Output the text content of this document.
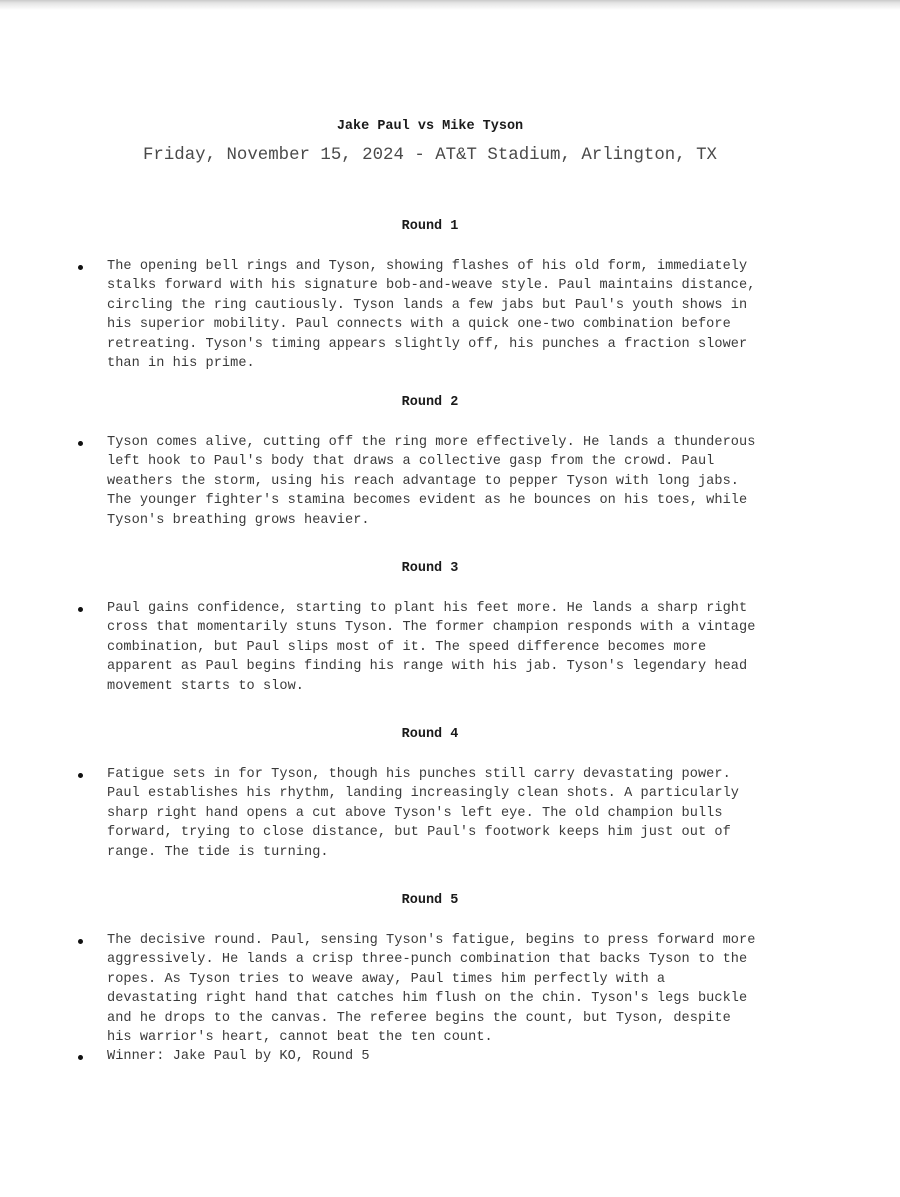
Jake Paul vs Mike Tyson
Friday, November 15, 2024 - AT&T Stadium, Arlington, TX
Round 1
The opening bell rings and Tyson, showing flashes of his old form, immediately
stalks forward with his signature bob-and-weave style. Paul maintains distance,
circling the ring cautiously. Tyson lands a few jabs but Paul's youth shows in
his superior mobility. Paul connects with a quick one-two combination before
retreating. Tyson's timing appears slightly off, his punches a fraction slower
than in his prime.
Round 2
Tyson comes alive, cutting off the ring more effectively. He lands a thunderous
left hook to Paul's body that draws a collective gasp from the crowd. Paul
weathers the storm, using his reach advantage to pepper Tyson with long jabs.
The younger fighter's stamina becomes evident as he bounces on his toes, while
Tyson's breathing grows heavier.
Round 3
Paul gains confidence, starting to plant his feet more. He lands a sharp right
cross that momentarily stuns Tyson. The former champion responds with a vintage
combination, but Paul slips most of it. The speed difference becomes more
apparent as Paul begins finding his range with his jab. Tyson's legendary head
movement starts to slow.
Round 4
Fatigue sets in for Tyson, though his punches still carry devastating power.
Paul establishes his rhythm, landing increasingly clean shots. A particularly
sharp right hand opens a cut above Tyson's left eye. The old champion bulls
forward, trying to close distance, but Paul's footwork keeps him just out of
range. The tide is turning.
Round 5
The decisive round. Paul, sensing Tyson's fatigue, begins to press forward more
aggressively. He lands a crisp three-punch combination that backs Tyson to the
ropes. As Tyson tries to weave away, Paul times him perfectly with a
devastating right hand that catches him flush on the chin. Tyson's legs buckle
and he drops to the canvas. The referee begins the count, but Tyson, despite
his warrior's heart, cannot beat the ten count.
Winner: Jake Paul by KO, Round 5
